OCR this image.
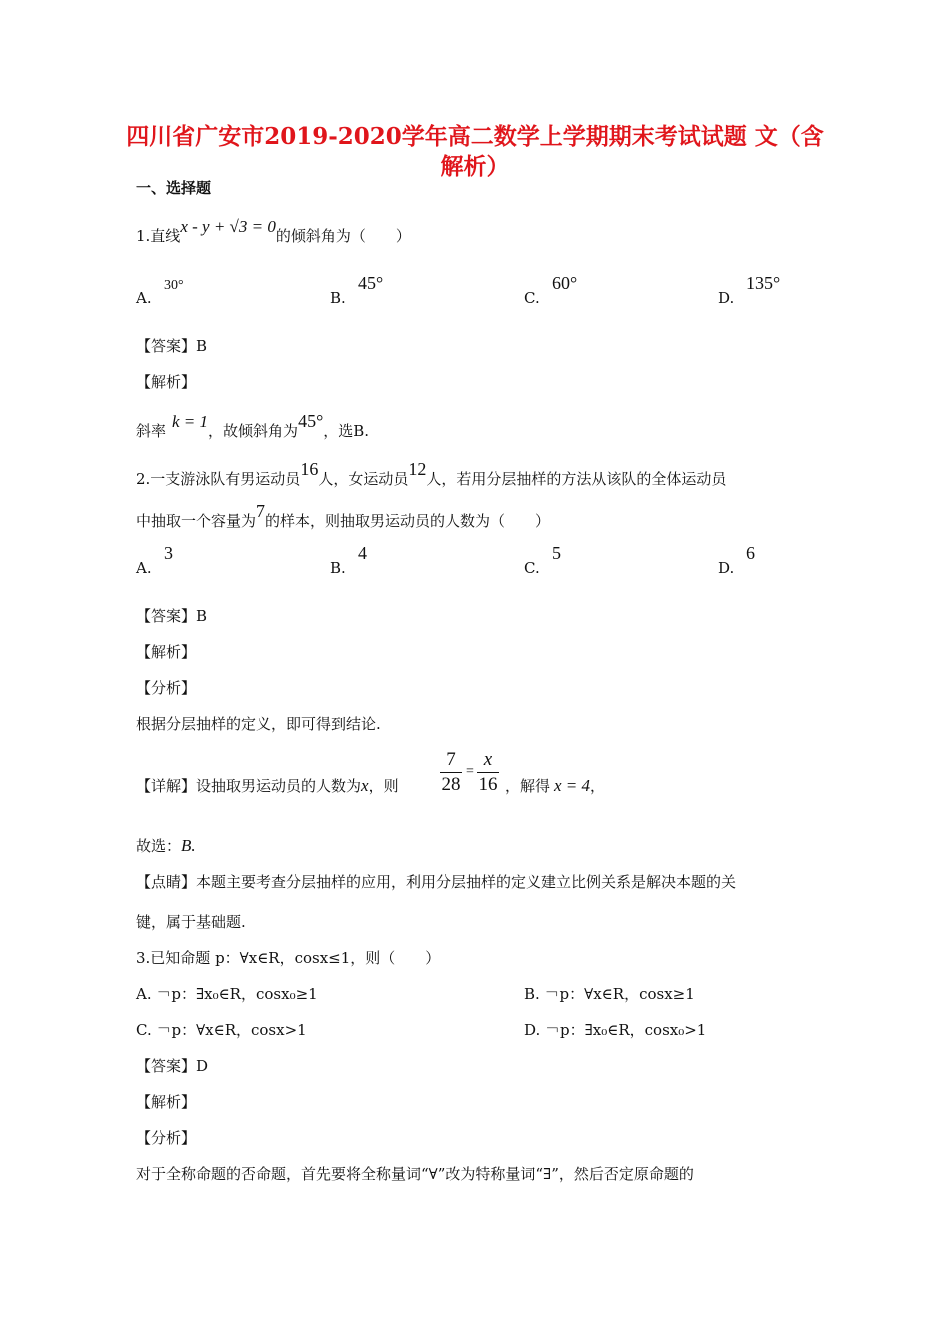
四川省广安市2019-2020学年高二数学上学期期末考试试题 文（含解析）
一、选择题
1.直线x - y + √3 = 0的倾斜角为（　　）
A.
30°
B.
45°
C.
60°
D.
135°
【答案】B
【解析】
斜率 k = 1，故倾斜角为45°，选B.
2.一支游泳队有男运动员16人，女运动员12人，若用分层抽样的方法从该队的全体运动员
中抽取一个容量为7的样本，则抽取男运动员的人数为（　　）
A.
3
B.
4
C.
5
D.
6
【答案】B
【解析】
【分析】
根据分层抽样的定义，即可得到结论.
【详解】设抽取男运动员的人数为x，则
7
28
=
x
16 ，解得 x = 4，
故选：B.
【点睛】本题主要考查分层抽样的应用，利用分层抽样的定义建立比例关系是解决本题的关
键，属于基础题.
3.已知命题 p：∀x∈R，cosx≤1，则（　　）
A. ￢p：∃x₀∈R，cosx₀≥1	B. ￢p：∀x∈R，cosx≥1
C. ￢p：∀x∈R，cosx>1	D. ￢p：∃x₀∈R，cosx₀>1
【答案】D
【解析】
【分析】
对于全称命题的否命题，首先要将全称量词“∀”改为特称量词“∃”，然后否定原命题的
